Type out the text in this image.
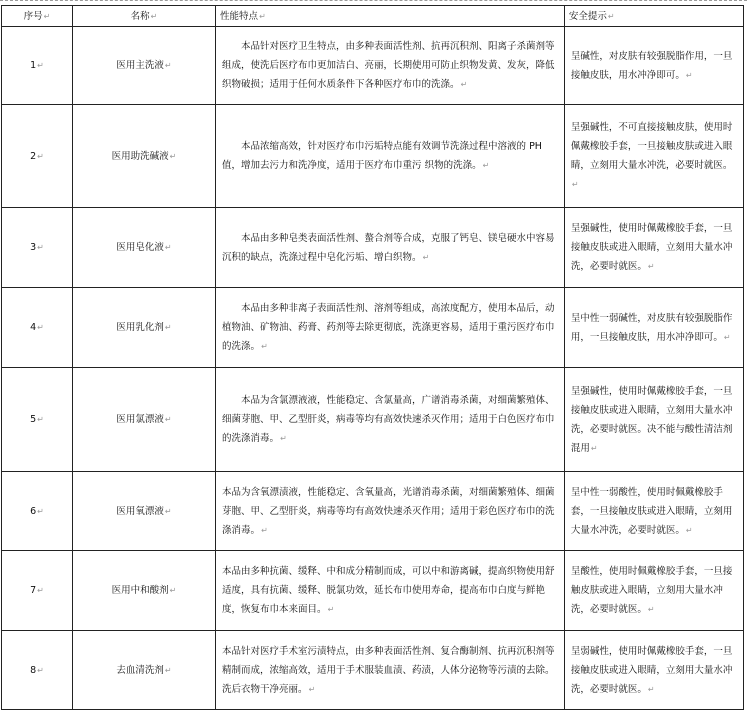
序号↵	名称↵	性能特点↵	安全提示↵
1↵	医用主洗液↵	本品针对医疗卫生特点，由多种表面活性剂、抗再沉积剂、阳离子杀菌剂等组成，使洗后医疗布巾更加洁白、亮丽，长期使用可防止织物发黄、发灰，降低织物破损；适用于任何水质条件下各种医疗布巾的洗涤。↵	呈碱性，对皮肤有较强脱脂作用，一旦接触皮肤，用水冲净即可。↵
2↵	医用助洗碱液↵	本品浓缩高效，针对医疗布巾污垢特点能有效调节洗涤过程中溶液的 PH 值，增加去污力和洗净度，适用于医疗布巾重污 织物的洗涤。↵	呈强碱性，不可直接接触皮肤，使用时佩戴橡胶手套，一旦接触皮肤或进入眼睛，立刻用大量水冲洗，必要时就医。↵
3↵	医用皂化液↵	本品由多种皂类表面活性剂、螯合剂等合成，克服了钙皂、镁皂硬水中容易沉积的缺点，洗涤过程中皂化污垢、增白织物。↵	呈强碱性，使用时佩戴橡胶手套，一旦接触皮肤或进入眼睛，立刻用大量水冲洗，必要时就医。↵
4↵	医用乳化剂↵	本品由多种非离子表面活性剂、溶剂等组成，高浓度配方，使用本品后，动植物油、矿物油、药膏、药剂等去除更彻底，洗涤更容易，适用于重污医疗布巾的洗涤。↵	呈中性一弱碱性，对皮肤有较强脱脂作用，一旦接触皮肤，用水冲净即可。↵
5↵	医用氯漂液↵	本品为含氯漂液液，性能稳定、含氯量高，广谱消毒杀菌，对细菌繁殖体、细菌芽胞、甲、乙型肝炎，病毒等均有高效快速杀灭作用；适用于白色医疗布巾的洗涤消毒。↵	呈强碱性，使用时佩戴橡胶手套，一旦接触皮肤或进入眼睛，立刻用大量水冲洗，必要时就医。决不能与酸性清洁剂混用↵
6↵	医用氧漂液↵	本品为含氧漂渍液，性能稳定、含氧量高，光谱消毒杀菌，对细菌繁殖体、细菌芽胞、甲、乙型肝炎，病毒等均有高效快速杀灭作用；适用于彩色医疗布巾的洗涤消毒。↵	呈中性一弱酸性，使用时佩戴橡胶手套，一旦接触皮肤或进入眼睛，立刻用大量水冲洗，必要时就医。↵
7↵	医用中和酸剂↵	本品由多种抗菌、缓释、中和成分精制而成，可以中和游离碱，提高织物使用舒适度，具有抗菌、缓释、脱氯功效，延长布巾使用寿命，提高布巾白度与鲜艳度，恢复布巾本来面目。↵	呈酸性，使用时佩戴橡胶手套，一旦接触皮肤或进入眼睛，立刻用大量水冲洗，必要时就医。↵
8↵	去血清洗剂↵	本品针对医疗手术室污渍特点，由多种表面活性剂、复合酶制剂、抗再沉积剂等精制而成，浓缩高效，适用于手术服装血渍、药渍，人体分泌物等污渍的去除。洗后衣物干净亮丽。↵	呈弱碱性，使用时佩戴橡胶手套，一旦接触皮肤或进入眼睛，立刻用大量水冲洗，必要时就医。↵
